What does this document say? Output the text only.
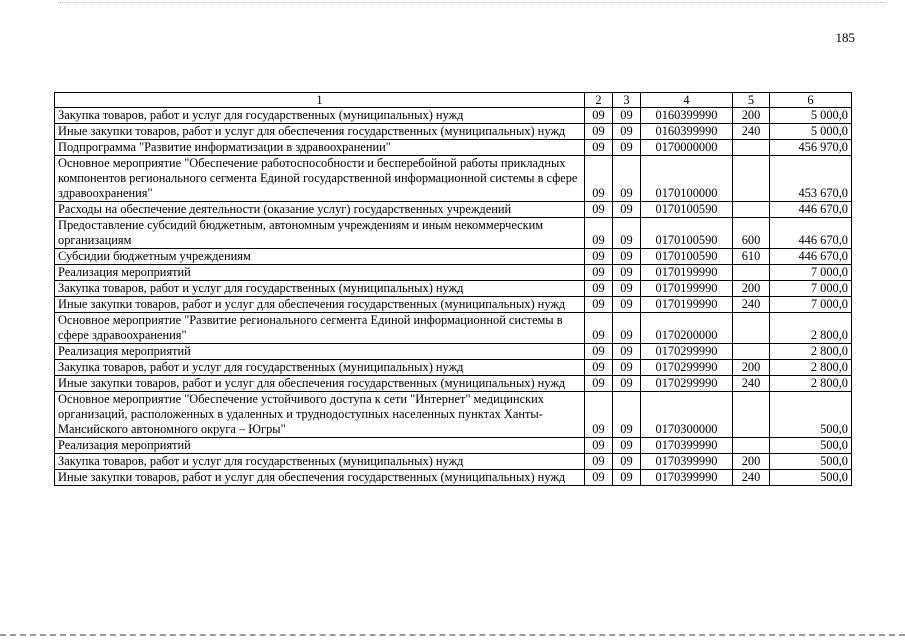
185
1	2	3	4	5	6
Закупка товаров, работ и услуг для государственных (муниципальных) нужд	09	09	0160399990	200	5 000,0
Иные закупки товаров, работ и услуг для обеспечения государственных (муниципальных) нужд	09	09	0160399990	240	5 000,0
Подпрограмма "Развитие информатизации в здравоохранении"	09	09	0170000000		456 970,0
Основное мероприятие "Обеспечение работоспособности и бесперебойной работы прикладных компонентов регионального сегмента Единой государственной информационной системы в сфере здравоохранения"	09	09	0170100000		453 670,0
Расходы на обеспечение деятельности (оказание услуг) государственных учреждений	09	09	0170100590		446 670,0
Предоставление субсидий бюджетным, автономным учреждениям и иным некоммерческим организациям	09	09	0170100590	600	446 670,0
Субсидии бюджетным учреждениям	09	09	0170100590	610	446 670,0
Реализация мероприятий	09	09	0170199990		7 000,0
Закупка товаров, работ и услуг для государственных (муниципальных) нужд	09	09	0170199990	200	7 000,0
Иные закупки товаров, работ и услуг для обеспечения государственных (муниципальных) нужд	09	09	0170199990	240	7 000,0
Основное мероприятие "Развитие регионального сегмента Единой информационной системы в сфере здравоохранения"	09	09	0170200000		2 800,0
Реализация мероприятий	09	09	0170299990		2 800,0
Закупка товаров, работ и услуг для государственных (муниципальных) нужд	09	09	0170299990	200	2 800,0
Иные закупки товаров, работ и услуг для обеспечения государственных (муниципальных) нужд	09	09	0170299990	240	2 800,0
Основное мероприятие "Обеспечение устойчивого доступа к сети "Интернет" медицинских организаций, расположенных в удаленных и труднодоступных населенных пунктах Ханты-Мансийского автономного округа – Югры"	09	09	0170300000		500,0
Реализация мероприятий	09	09	0170399990		500,0
Закупка товаров, работ и услуг для государственных (муниципальных) нужд	09	09	0170399990	200	500,0
Иные закупки товаров, работ и услуг для обеспечения государственных (муниципальных) нужд	09	09	0170399990	240	500,0
